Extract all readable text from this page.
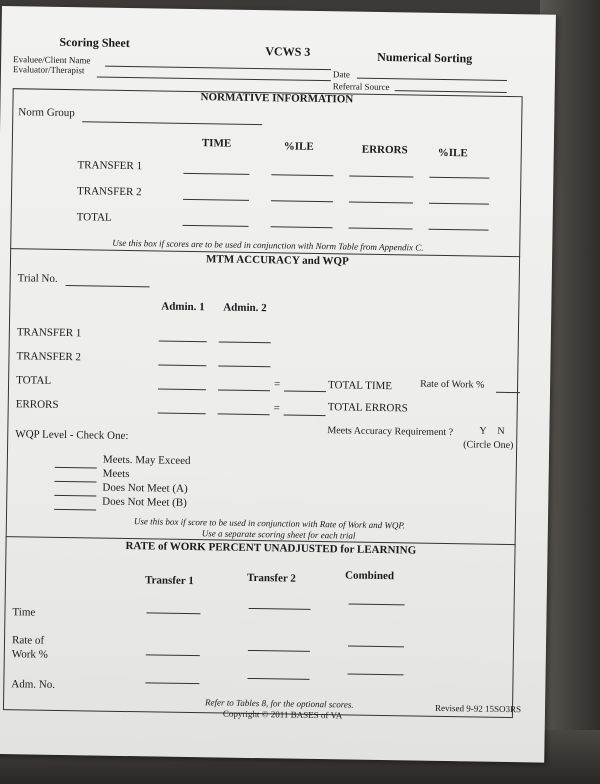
Scoring Sheet
VCWS 3	Numerical Sorting
Evaluee/Client Name
Evaluator/Therapist	Date
Referral Source
NORMATIVE INFORMATION
Norm Group
TIME	%ILE	ERRORS	%ILE
TRANSFER 1
TRANSFER 2
TOTAL
Use this box if scores are to be used in conjunction with Norm Table from Appendix C.
MTM ACCURACY and WQP
Trial No.
Admin. 1 Admin. 2
TRANSFER 1
TRANSFER 2
TOTAL	=	TOTAL TIME	Rate of Work %
ERRORS	=	TOTAL ERRORS
WQP Level - Check One:	Meets Accuracy Requirement ?	Y N
(Circle One)
Meets. May Exceed
Meets
Does Not Meet (A)
Does Not Meet (B)
Use this box if score to be used in conjunction with Rate of Work and WQP.
Use a separate scoring sheet for each trial
RATE of WORK PERCENT UNADJUSTED for LEARNING
Transfer 1	Transfer 2	Combined
Time
Rate of
Work %
Adm. No.
Refer to Tables 8, for the optional scores.
Copyright © 2011 BASES of VA	Revised 9-92 15SO3RS
